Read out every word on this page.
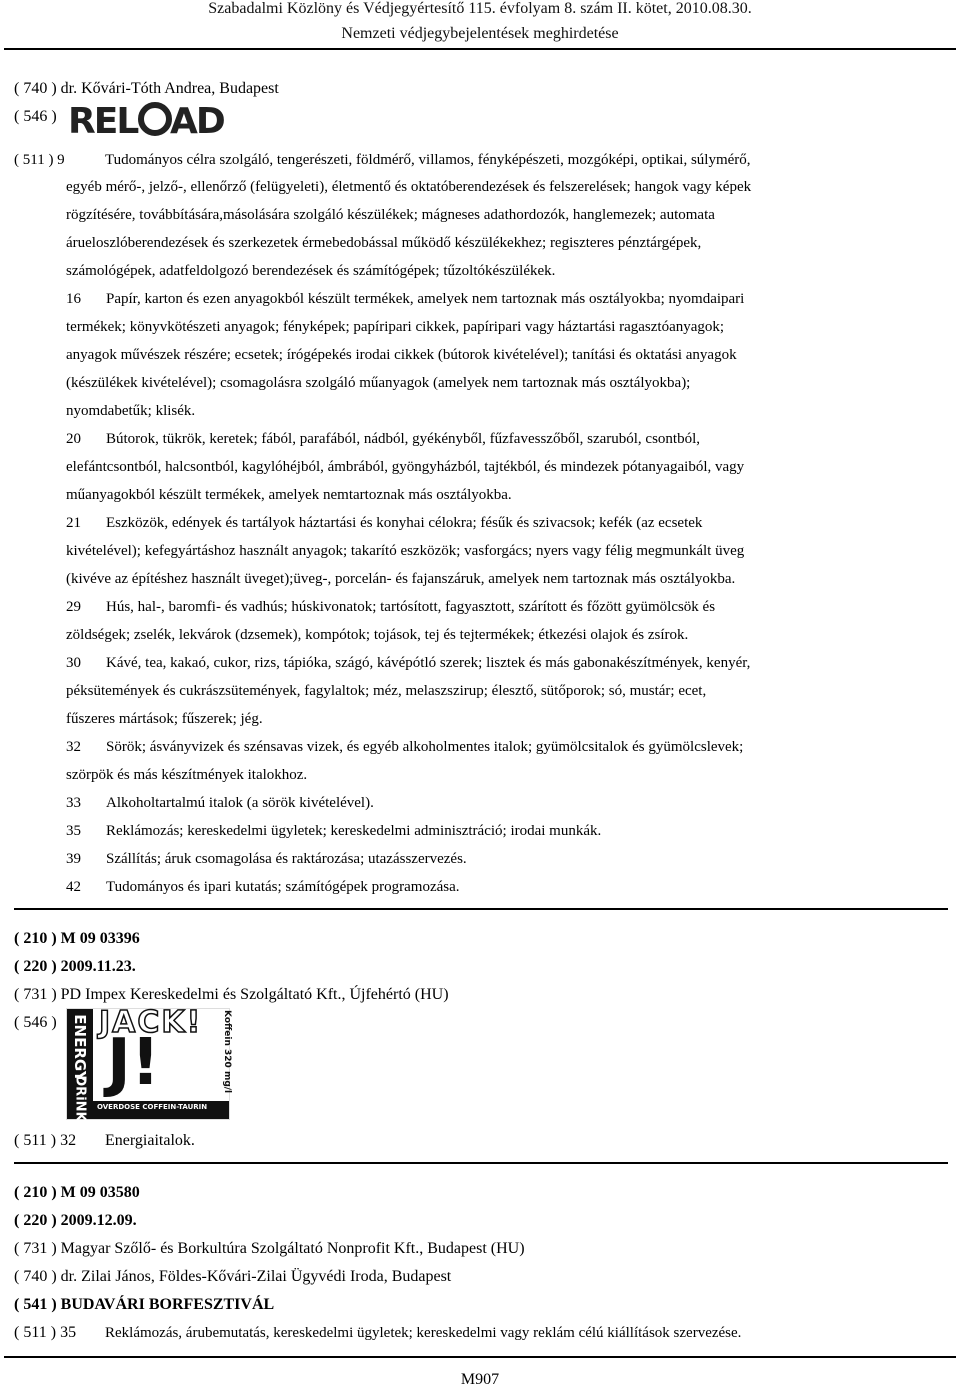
Szabadalmi Közlöny és Védjegyértesítő 115. évfolyam 8. szám II. kötet, 2010.08.30.
Nemzeti védjegybejelentések meghirdetése
( 740 ) dr. Kővári-Tóth Andrea, Budapest
( 546 ) REL AD
( 511 ) 9	Tudományos célra szolgáló, tengerészeti, földmérő, villamos, fényképészeti, mozgóképi, optikai, súlymérő,
egyéb mérő-, jelző-, ellenőrző (felügyeleti), életmentő és oktatóberendezések és felszerelések; hangok vagy képek
rögzítésére, továbbítására,másolására szolgáló készülékek; mágneses adathordozók, hanglemezek; automata
árueloszlóberendezések és szerkezetek érmebedobással működő készülékekhez; regiszteres pénztárgépek,
számológépek, adatfeldolgozó berendezések és számítógépek; tűzoltókészülékek.
16 Papír, karton és ezen anyagokból készült termékek, amelyek nem tartoznak más osztályokba; nyomdaipari
termékek; könyvkötészeti anyagok; fényképek; papíripari cikkek, papíripari vagy háztartási ragasztóanyagok;
anyagok művészek részére; ecsetek; írógépekés irodai cikkek (bútorok kivételével); tanítási és oktatási anyagok
(készülékek kivételével); csomagolásra szolgáló műanyagok (amelyek nem tartoznak más osztályokba);
nyomdabetűk; klisék.
20 Bútorok, tükrök, keretek; fából, parafából, nádból, gyékényből, fűzfavesszőből, szaruból, csontból,
elefántcsontból, halcsontból, kagylóhéjból, ámbrából, gyöngyházból, tajtékból, és mindezek pótanyagaiból, vagy
műanyagokból készült termékek, amelyek nemtartoznak más osztályokba.
21 Eszközök, edények és tartályok háztartási és konyhai célokra; fésűk és szivacsok; kefék (az ecsetek
kivételével); kefegyártáshoz használt anyagok; takarító eszközök; vasforgács; nyers vagy félig megmunkált üveg
(kivéve az építéshez használt üveget);üveg-, porcelán- és fajanszáruk, amelyek nem tartoznak más osztályokba.
29 Hús, hal-, baromfi- és vadhús; húskivonatok; tartósított, fagyasztott, szárított és főzött gyümölcsök és
zöldségek; zselék, lekvárok (dzsemek), kompótok; tojások, tej és tejtermékek; étkezési olajok és zsírok.
30 Kávé, tea, kakaó, cukor, rizs, tápióka, szágó, kávépótló szerek; lisztek és más gabonakészítmények, kenyér,
péksütemények és cukrászsütemények, fagylaltok; méz, melaszszirup; élesztő, sütőporok; só, mustár; ecet,
fűszeres mártások; fűszerek; jég.
32 Sörök; ásványvizek és szénsavas vizek, és egyéb alkoholmentes italok; gyümölcsitalok és gyümölcslevek;
szörpök és más készítmények italokhoz.
33 Alkoholtartalmú italok (a sörök kivételével).
35 Reklámozás; kereskedelmi ügyletek; kereskedelmi adminisztráció; irodai munkák.
39 Szállítás; áruk csomagolása és raktározása; utazásszervezés.
42 Tudományos és ipari kutatás; számítógépek programozása.
( 210 ) M 09 03396
( 220 ) 2009.11.23.
( 731 ) PD Impex Kereskedelmi és Szolgáltató Kft., Újfehértó (HU)
( 546 ) ENERGY
DRiNK
JACK!
J!	Koffein 320 mg/l
OVERDOSE COFFEIN-TAURIN
( 511 ) 32 Energiaitalok.
( 210 ) M 09 03580
( 220 ) 2009.12.09.
( 731 ) Magyar Szőlő- és Borkultúra Szolgáltató Nonprofit Kft., Budapest (HU)
( 740 ) dr. Zilai János, Földes-Kővári-Zilai Ügyvédi Iroda, Budapest
( 541 ) BUDAVÁRI BORFESZTIVÁL
( 511 ) 35 Reklámozás, árubemutatás, kereskedelmi ügyletek; kereskedelmi vagy reklám célú kiállítások szervezése.
M907
